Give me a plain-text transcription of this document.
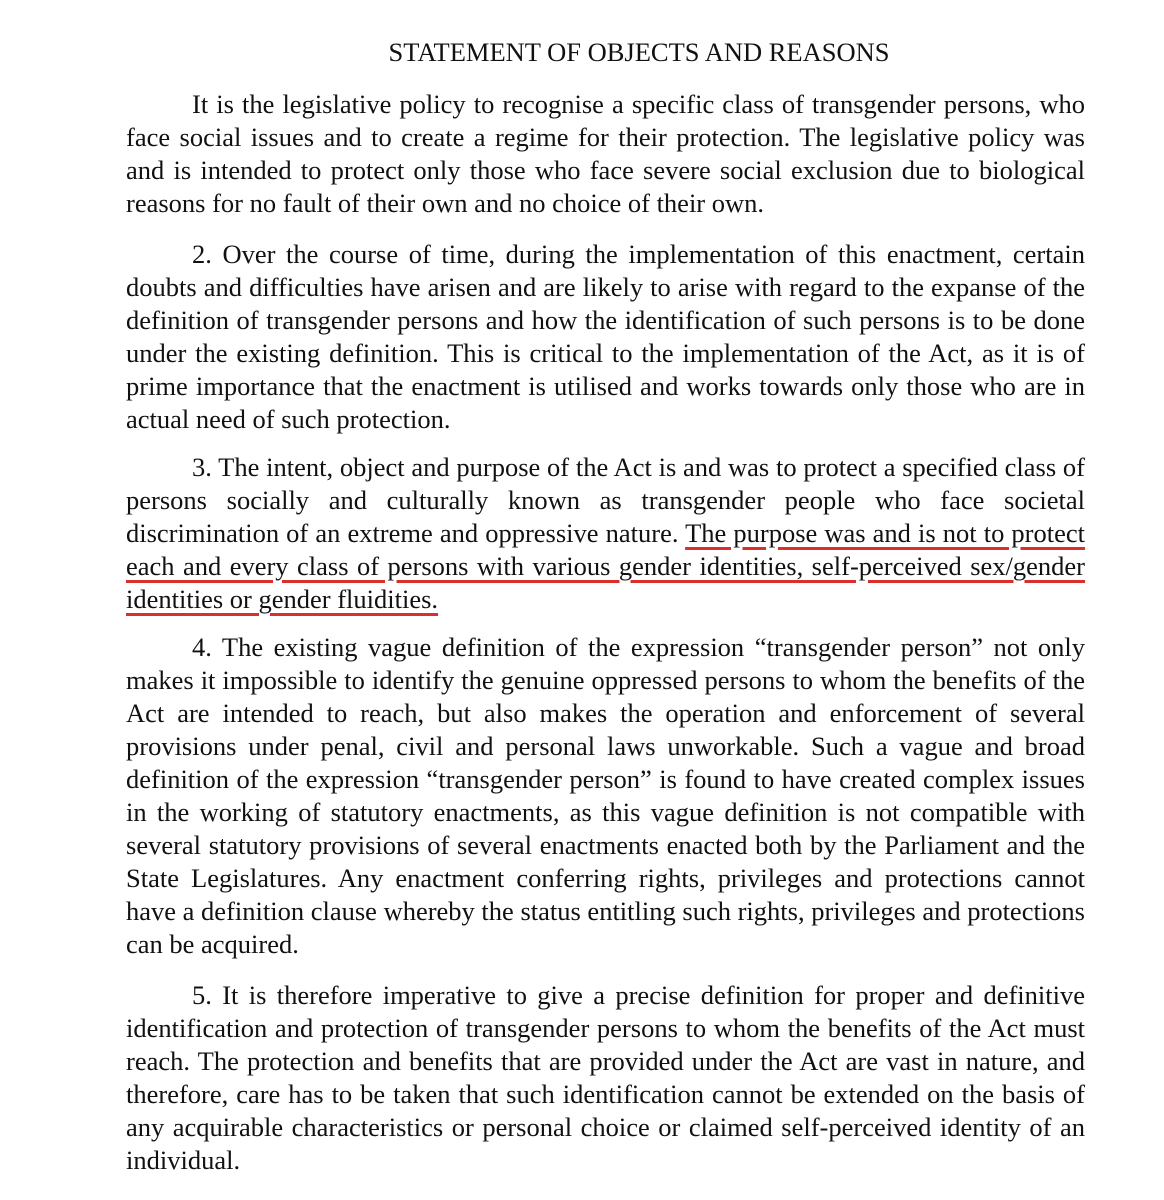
STATEMENT OF OBJECTS AND REASONS

It is the legislative policy to recognise a specific class of transgender persons, who face social issues and to create a regime for their protection. The legislative policy was and is intended to protect only those who face severe social exclusion due to biological reasons for no fault of their own and no choice of their own.

2. Over the course of time, during the implementation of this enactment, certain doubts and difficulties have arisen and are likely to arise with regard to the expanse of the definition of transgender persons and how the identification of such persons is to be done under the existing definition. This is critical to the implementation of the Act, as it is of prime importance that the enactment is utilised and works towards only those who are in actual need of such protection.

3. The intent, object and purpose of the Act is and was to protect a specified class of persons socially and culturally known as transgender people who face societal discrimination of an extreme and oppressive nature. The purpose was and is not to protect each and every class of persons with various gender identities, self-perceived sex/gender identities or gender fluidities.

4. The existing vague definition of the expression “transgender person” not only makes it impossible to identify the genuine oppressed persons to whom the benefits of the Act are intended to reach, but also makes the operation and enforcement of several provisions under penal, civil and personal laws unworkable. Such a vague and broad definition of the expression “transgender person” is found to have created complex issues in the working of statutory enactments, as this vague definition is not compatible with several statutory provisions of several enactments enacted both by the Parliament and the State Legislatures. Any enactment conferring rights, privileges and protections cannot have a definition clause whereby the status entitling such rights, privileges and protections can be acquired.

5. It is therefore imperative to give a precise definition for proper and definitive identification and protection of transgender persons to whom the benefits of the Act must reach. The protection and benefits that are provided under the Act are vast in nature, and therefore, care has to be taken that such identification cannot be extended on the basis of any acquirable characteristics or personal choice or claimed self-perceived identity of an individual.
